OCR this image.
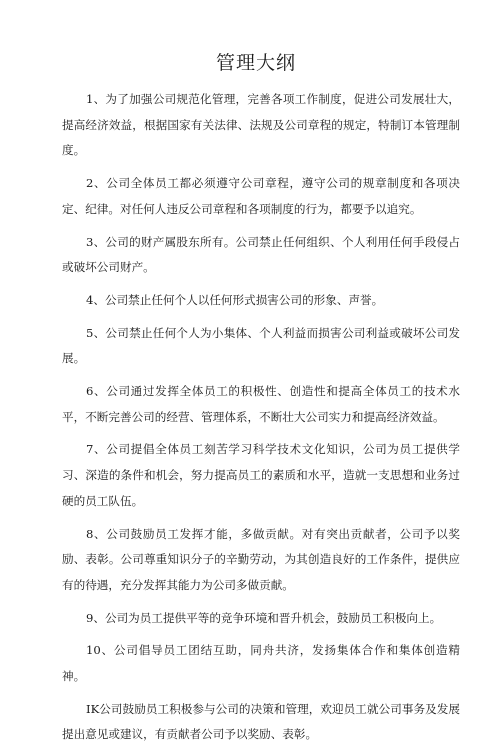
管理大纲

1、为了加强公司规范化管理，完善各项工作制度，促进公司发展壮大，提高经济效益，根据国家有关法律、法规及公司章程的规定，特制订本管理制度。

2、公司全体员工都必须遵守公司章程，遵守公司的规章制度和各项决定、纪律。对任何人违反公司章程和各项制度的行为，都要予以追究。

3、公司的财产属股东所有。公司禁止任何组织、个人利用任何手段侵占或破坏公司财产。

4、公司禁止任何个人以任何形式损害公司的形象、声誉。

5、公司禁止任何个人为小集体、个人利益而损害公司利益或破坏公司发展。

6、公司通过发挥全体员工的积极性、创造性和提高全体员工的技术水平，不断完善公司的经营、管理体系，不断壮大公司实力和提高经济效益。

7、公司提倡全体员工刻苦学习科学技术文化知识，公司为员工提供学习、深造的条件和机会，努力提高员工的素质和水平，造就一支思想和业务过硬的员工队伍。

8、公司鼓励员工发挥才能，多做贡献。对有突出贡献者，公司予以奖励、表彰。公司尊重知识分子的辛勤劳动，为其创造良好的工作条件，提供应有的待遇，充分发挥其能力为公司多做贡献。

9、公司为员工提供平等的竞争环境和晋升机会，鼓励员工积极向上。

10、公司倡导员工团结互助，同舟共济，发扬集体合作和集体创造精神。

IK公司鼓励员工积极参与公司的决策和管理，欢迎员工就公司事务及发展提出意见或建议，有贡献者公司予以奖励、表彰。
